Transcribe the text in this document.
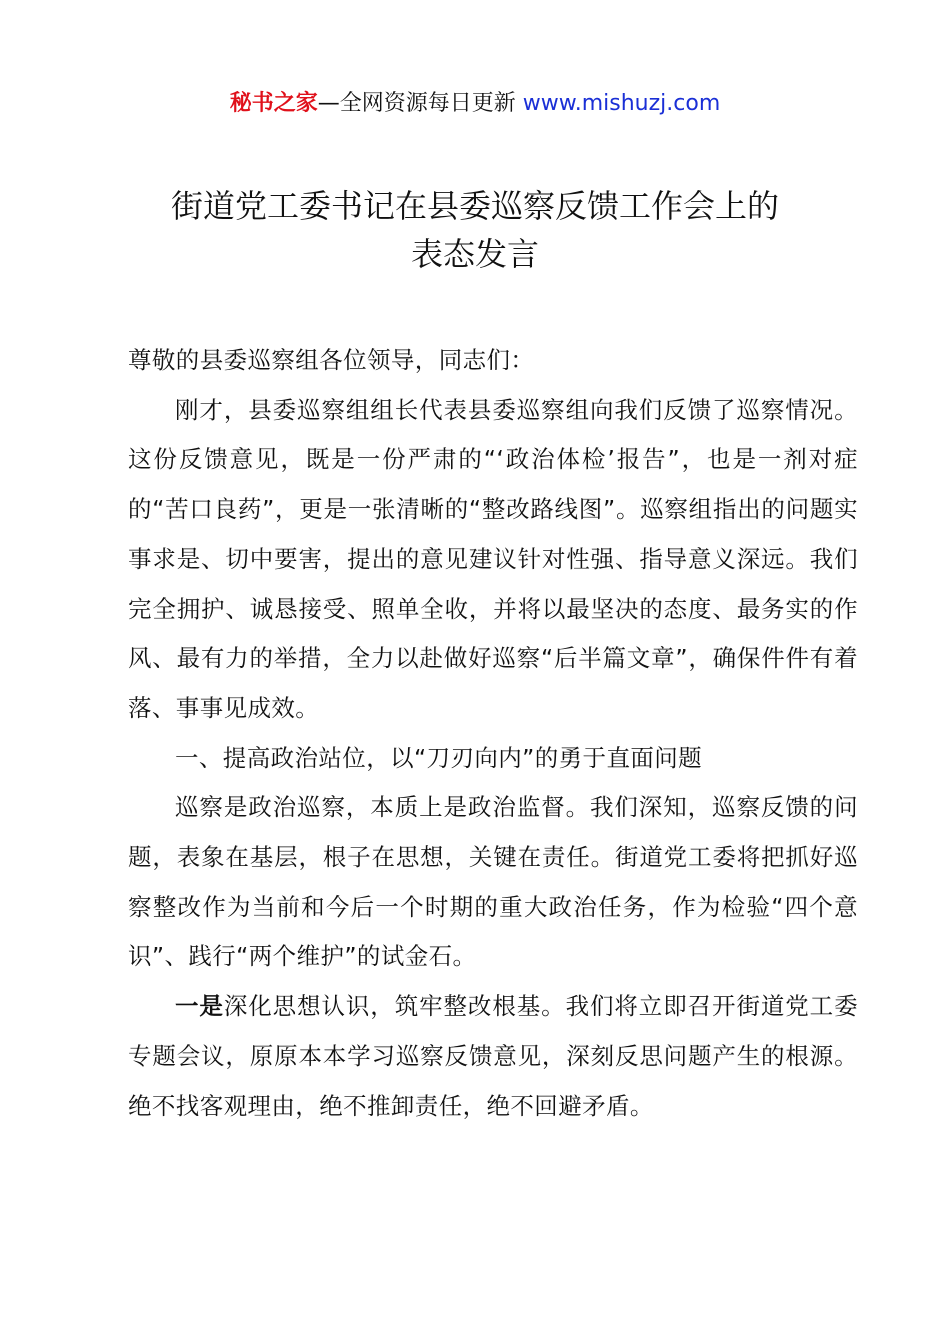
秘书之家—全网资源每日更新 www.mishuzj.com
街道党工委书记在县委巡察反馈工作会上的
表态发言

尊敬的县委巡察组各位领导，同志们：

刚才，县委巡察组组长代表县委巡察组向我们反馈了巡察情况。这份反馈意见，既是一份严肃的“‘政治体检’报告”，也是一剂对症的“苦口良药”，更是一张清晰的“整改路线图”。巡察组指出的问题实事求是、切中要害，提出的意见建议针对性强、指导意义深远。我们完全拥护、诚恳接受、照单全收，并将以最坚决的态度、最务实的作风、最有力的举措，全力以赴做好巡察“后半篇文章”，确保件件有着落、事事见成效。

一、提高政治站位，以“刀刃向内”的勇于直面问题

巡察是政治巡察，本质上是政治监督。我们深知，巡察反馈的问题，表象在基层，根子在思想，关键在责任。街道党工委将把抓好巡察整改作为当前和今后一个时期的重大政治任务，作为检验“四个意识”、践行“两个维护”的试金石。

一是深化思想认识，筑牢整改根基。我们将立即召开街道党工委专题会议，原原本本学习巡察反馈意见，深刻反思问题产生的根源。绝不找客观理由，绝不推卸责任，绝不回避矛盾。
